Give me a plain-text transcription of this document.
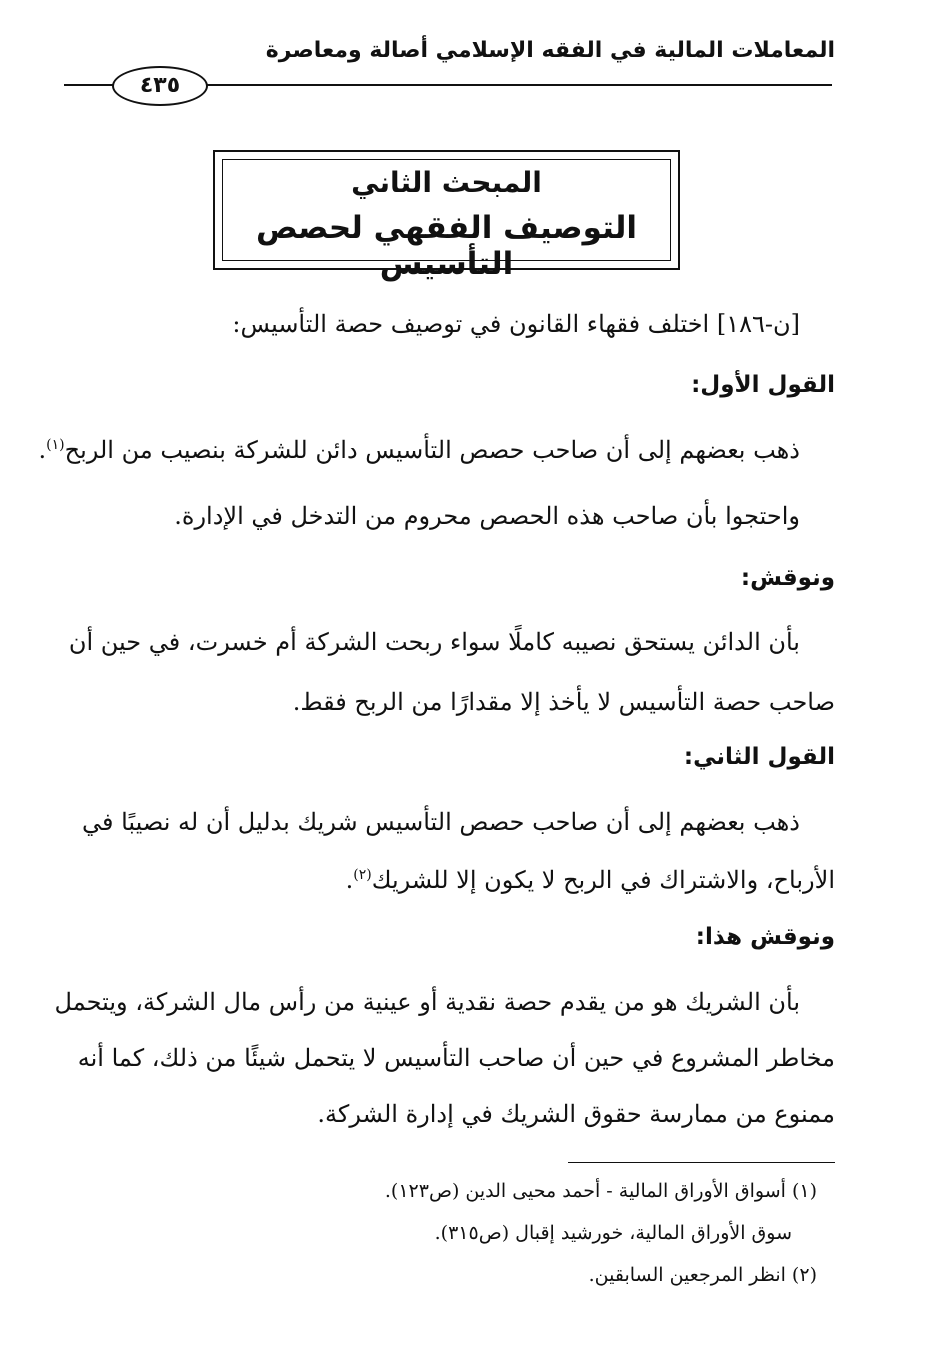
المعاملات المالية في الفقه الإسلامي أصالة ومعاصرة
٤٣٥
المبحث الثاني
التوصيف الفقهي لحصص التأسيس
[ن-١٨٦] اختلف فقهاء القانون في توصيف حصة التأسيس:
القول الأول:
ذهب بعضهم إلى أن صاحب حصص التأسيس دائن للشركة بنصيب من الربح$^{(١)}$.
واحتجوا بأن صاحب هذه الحصص محروم من التدخل في الإدارة.
ونوقش:
بأن الدائن يستحق نصيبه كاملًا سواء ربحت الشركة أم خسرت، في حين أن
صاحب حصة التأسيس لا يأخذ إلا مقدارًا من الربح فقط.
القول الثاني:
ذهب بعضهم إلى أن صاحب حصص التأسيس شريك بدليل أن له نصيبًا في
الأرباح، والاشتراك في الربح لا يكون إلا للشريك$^{(٢)}$.
ونوقش هذا:
بأن الشريك هو من يقدم حصة نقدية أو عينية من رأس مال الشركة، ويتحمل
مخاطر المشروع في حين أن صاحب التأسيس لا يتحمل شيئًا من ذلك، كما أنه
ممنوع من ممارسة حقوق الشريك في إدارة الشركة.
(١) أسواق الأوراق المالية - أحمد محيى الدين (ص١٢٣).
سوق الأوراق المالية، خورشيد إقبال (ص٣١٥).
(٢) انظر المرجعين السابقين.
